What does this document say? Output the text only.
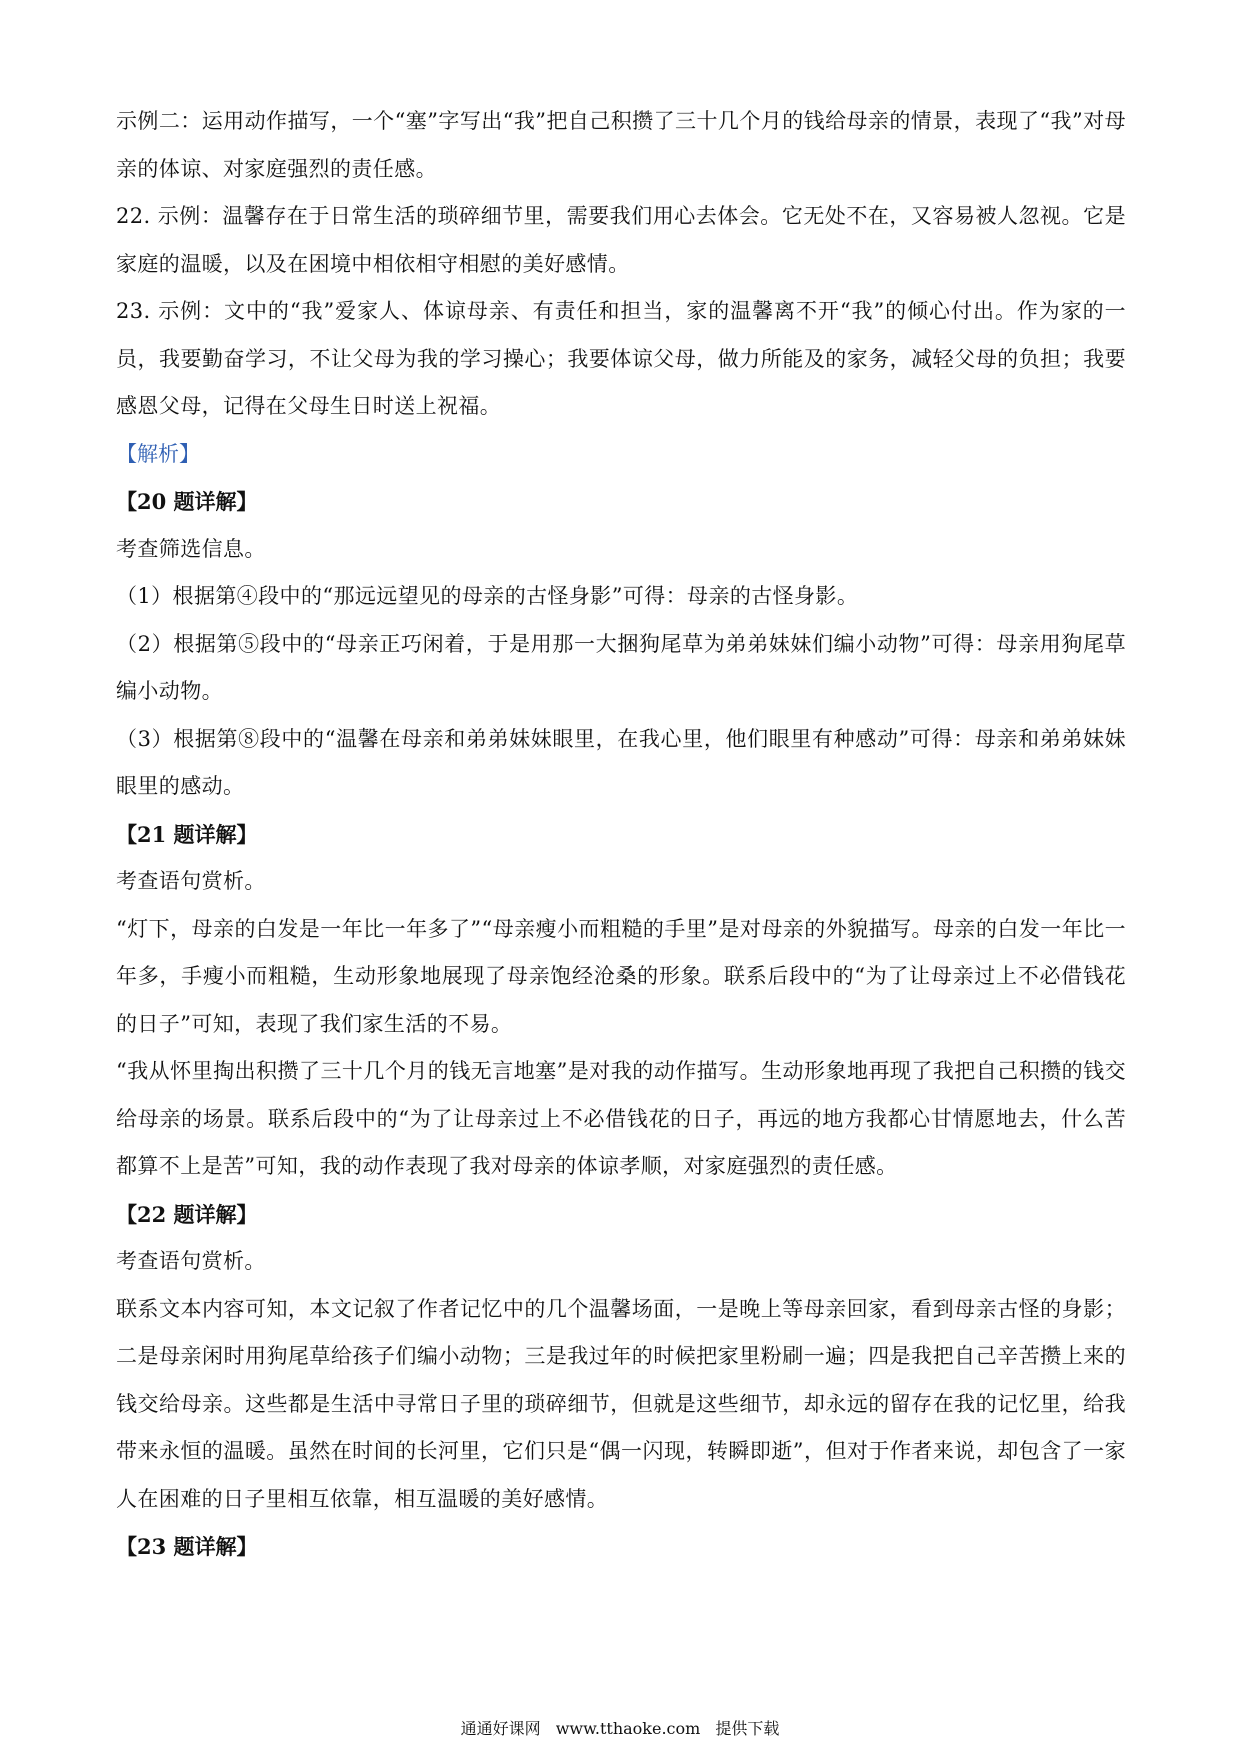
示例二：运用动作描写，一个“塞”字写出“我”把自己积攒了三十几个月的钱给母亲的情景，表现了“我”对母亲的体谅、对家庭强烈的责任感。

22. 示例：温馨存在于日常生活的琐碎细节里，需要我们用心去体会。它无处不在，又容易被人忽视。它是家庭的温暖，以及在困境中相依相守相慰的美好感情。

23. 示例：文中的“我”爱家人、体谅母亲、有责任和担当，家的温馨离不开“我”的倾心付出。作为家的一员，我要勤奋学习，不让父母为我的学习操心；我要体谅父母，做力所能及的家务，减轻父母的负担；我要感恩父母，记得在父母生日时送上祝福。

【解析】

【20 题详解】

考查筛选信息。

（1）根据第④段中的“那远远望见的母亲的古怪身影”可得：母亲的古怪身影。

（2）根据第⑤段中的“母亲正巧闲着，于是用那一大捆狗尾草为弟弟妹妹们编小动物”可得：母亲用狗尾草编小动物。

（3）根据第⑧段中的“温馨在母亲和弟弟妹妹眼里，在我心里，他们眼里有种感动”可得：母亲和弟弟妹妹眼里的感动。

【21 题详解】

考查语句赏析。

“灯下，母亲的白发是一年比一年多了”“母亲瘦小而粗糙的手里”是对母亲的外貌描写。母亲的白发一年比一年多，手瘦小而粗糙，生动形象地展现了母亲饱经沧桑的形象。联系后段中的“为了让母亲过上不必借钱花的日子”可知，表现了我们家生活的不易。

“我从怀里掏出积攒了三十几个月的钱无言地塞”是对我的动作描写。生动形象地再现了我把自己积攒的钱交给母亲的场景。联系后段中的“为了让母亲过上不必借钱花的日子，再远的地方我都心甘情愿地去，什么苦都算不上是苦”可知，我的动作表现了我对母亲的体谅孝顺，对家庭强烈的责任感。

【22 题详解】

考查语句赏析。

联系文本内容可知，本文记叙了作者记忆中的几个温馨场面，一是晚上等母亲回家，看到母亲古怪的身影；二是母亲闲时用狗尾草给孩子们编小动物；三是我过年的时候把家里粉刷一遍；四是我把自己辛苦攒上来的钱交给母亲。这些都是生活中寻常日子里的琐碎细节，但就是这些细节，却永远的留存在我的记忆里，给我带来永恒的温暖。虽然在时间的长河里，它们只是“偶一闪现，转瞬即逝”，但对于作者来说，却包含了一家人在困难的日子里相互依靠，相互温暖的美好感情。

【23 题详解】

通通好课网 www.tthaoke.com 提供下载
